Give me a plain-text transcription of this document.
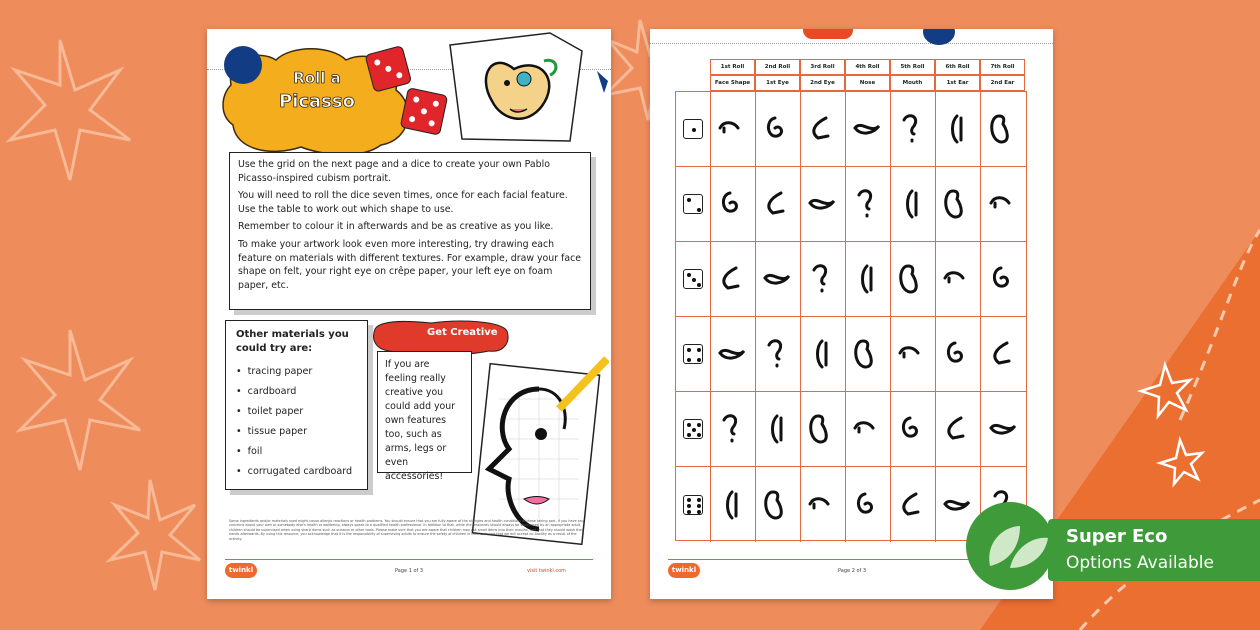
Roll a
Picasso

Use the grid on the next page and a dice to create your own Pablo Picasso-inspired cubism portrait.

You will need to roll the dice seven times, once for each facial feature. Use the table to work out which shape to use.

Remember to colour it in afterwards and be as creative as you like.

To make your artwork look even more interesting, try drawing each feature on materials with different textures. For example, draw your face shape on felt, your right eye on crêpe paper, your left eye on foam paper, etc.

Other materials you could try are:
• tracing paper
• cardboard
• toilet paper
• tissue paper
• foil
• corrugated cardboard
Get Creative
If you are feeling really creative you could add your own features too, such as arms, legs or even accessories!
Some ingredients and/or materials used might cause allergic reactions or health problems. You should ensure that you are fully aware of the allergies and health conditions of those taking part. If you have any concerns about your own or somebody else's health or wellbeing, always speak to a qualified health professional. In addition to that, while the resources should always be supervised by an appropriate adult, children should be supervised when using sharp items such as scissors or other tools. Please make sure that you are aware that children may put small items into their mouths, and that they should wash their hands afterwards. By using this resource, you acknowledge that it is the responsibility of supervising adults to ensure the safety of children in their care and that we will accept no liability as a result of the activity.
twinkl	Page 1 of 3	visit twinkl.com
1st Roll	2nd Roll	3rd Roll	4th Roll	5th Roll	6th Roll	7th Roll
Face Shape	1st Eye	2nd Eye	Nose	Mouth	1st Ear	2nd Ear
twinkl	Page 2 of 3
Super Eco
Options Available
